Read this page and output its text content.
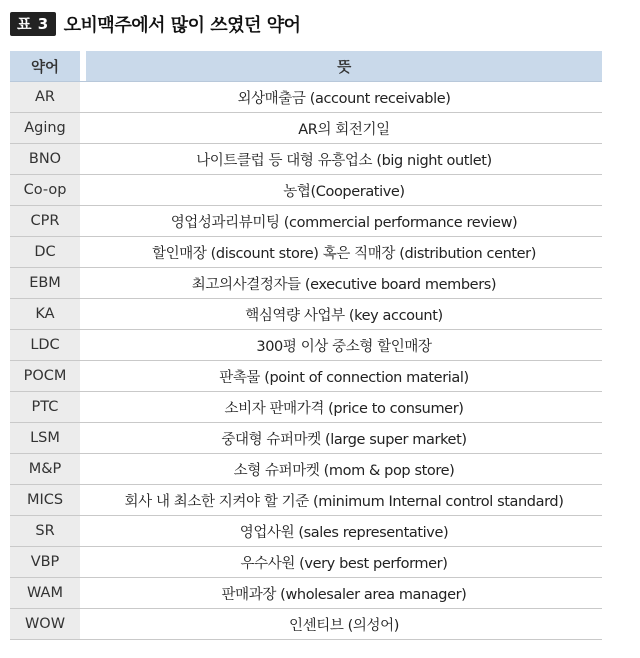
표 3 오비맥주에서 많이 쓰였던 약어
약어	뜻
AR	외상매출금 (account receivable)
Aging	AR의 회전기일
BNO	나이트클럽 등 대형 유흥업소 (big night outlet)
Co-op	농협(Cooperative)
CPR	영업성과리뷰미팅 (commercial performance review)
DC	할인매장 (discount store) 혹은 직매장 (distribution center)
EBM	최고의사결정자들 (executive board members)
KA	핵심역량 사업부 (key account)
LDC	300평 이상 중소형 할인매장
POCM	판촉물 (point of connection material)
PTC	소비자 판매가격 (price to consumer)
LSM	중대형 슈퍼마켓 (large super market)
M&P	소형 슈퍼마켓 (mom & pop store)
MICS	회사 내 최소한 지켜야 할 기준 (minimum Internal control standard)
SR	영업사원 (sales representative)
VBP	우수사원 (very best performer)
WAM	판매과장 (wholesaler area manager)
WOW	인센티브 (의성어)
